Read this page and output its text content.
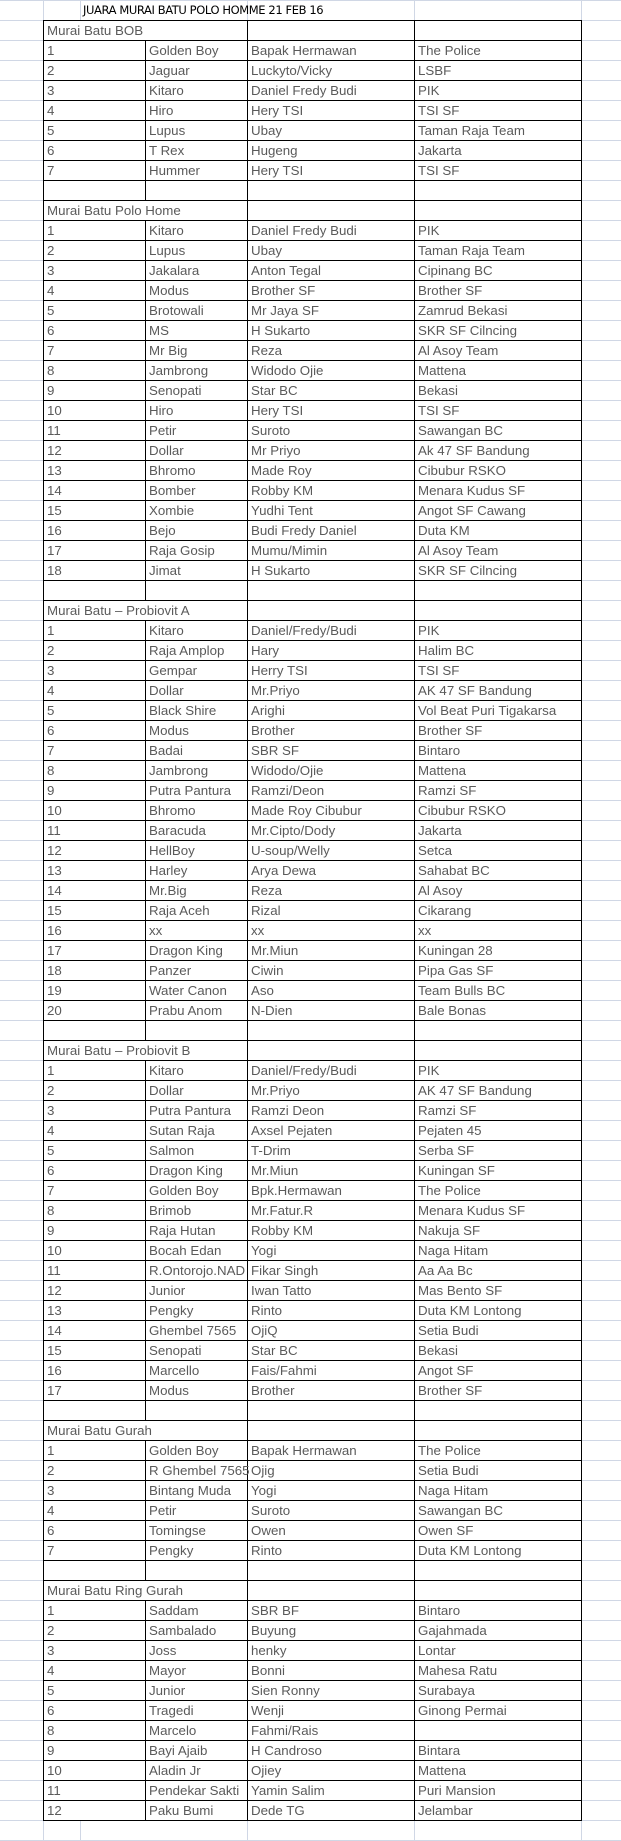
JUARA MURAI BATU POLO HOMME 21 FEB 16
Murai Batu BOB			
1	Golden Boy	Bapak Hermawan	The Police
2	Jaguar	Luckyto/Vicky	LSBF
3	Kitaro	Daniel Fredy Budi	PIK
4	Hiro	Hery TSI	TSI SF
5	Lupus	Ubay	Taman Raja Team
6	T Rex	Hugeng	Jakarta
7	Hummer	Hery TSI	TSI SF

Murai Batu Polo Home			
1	Kitaro	Daniel Fredy Budi	PIK
2	Lupus	Ubay	Taman Raja Team
3	Jakalara	Anton Tegal	Cipinang BC
4	Modus	Brother SF	Brother SF
5	Brotowali	Mr Jaya SF	Zamrud Bekasi
6	MS	H Sukarto	SKR SF Cilncing
7	Mr Big	Reza	Al Asoy Team
8	Jambrong	Widodo Ojie	Mattena
9	Senopati	Star BC	Bekasi
10	Hiro	Hery TSI	TSI SF
11	Petir	Suroto	Sawangan BC
12	Dollar	Mr Priyo	Ak 47 SF Bandung
13	Bhromo	Made Roy	Cibubur RSKO
14	Bomber	Robby KM	Menara Kudus SF
15	Xombie	Yudhi Tent	Angot SF Cawang
16	Bejo	Budi Fredy Daniel	Duta KM
17	Raja Gosip	Mumu/Mimin	Al Asoy Team
18	Jimat	H Sukarto	SKR SF Cilncing

Murai Batu – Probiovit A			
1	Kitaro	Daniel/Fredy/Budi	PIK
2	Raja Amplop	Hary	Halim BC
3	Gempar	Herry TSI	TSI SF
4	Dollar	Mr.Priyo	AK 47 SF Bandung
5	Black Shire	Arighi	Vol Beat Puri Tigakarsa
6	Modus	Brother	Brother SF
7	Badai	SBR SF	Bintaro
8	Jambrong	Widodo/Ojie	Mattena
9	Putra Pantura	Ramzi/Deon	Ramzi SF
10	Bhromo	Made Roy Cibubur	Cibubur RSKO
11	Baracuda	Mr.Cipto/Dody	Jakarta
12	HellBoy	U-soup/Welly	Setca
13	Harley	Arya Dewa	Sahabat BC
14	Mr.Big	Reza	Al Asoy
15	Raja Aceh	Rizal	Cikarang
16	xx	xx	xx
17	Dragon King	Mr.Miun	Kuningan 28
18	Panzer	Ciwin	Pipa Gas SF
19	Water Canon	Aso	Team Bulls BC
20	Prabu Anom	N-Dien	Bale Bonas

Murai Batu – Probiovit B			
1	Kitaro	Daniel/Fredy/Budi	PIK
2	Dollar	Mr.Priyo	AK 47 SF Bandung
3	Putra Pantura	Ramzi Deon	Ramzi SF
4	Sutan Raja	Axsel Pejaten	Pejaten 45
5	Salmon	T-Drim	Serba SF
6	Dragon King	Mr.Miun	Kuningan SF
7	Golden Boy	Bpk.Hermawan	The Police
8	Brimob	Mr.Fatur.R	Menara Kudus SF
9	Raja Hutan	Robby KM	Nakuja SF
10	Bocah Edan	Yogi	Naga Hitam
11	R.Ontorojo.NAD	Fikar Singh	Aa Aa Bc
12	Junior	Iwan Tatto	Mas Bento SF
13	Pengky	Rinto	Duta KM Lontong
14	Ghembel 7565	OjiQ	Setia Budi
15	Senopati	Star BC	Bekasi
16	Marcello	Fais/Fahmi	Angot SF
17	Modus	Brother	Brother SF

Murai Batu Gurah			
1	Golden Boy	Bapak Hermawan	The Police
2	R Ghembel 7565	Ojig	Setia Budi
3	Bintang Muda	Yogi	Naga Hitam
4	Petir	Suroto	Sawangan BC
6	Tomingse	Owen	Owen SF
7	Pengky	Rinto	Duta KM Lontong

Murai Batu Ring Gurah			
1	Saddam	SBR BF	Bintaro
2	Sambalado	Buyung	Gajahmada
3	Joss	henky	Lontar
4	Mayor	Bonni	Mahesa Ratu
5	Junior	Sien Ronny	Surabaya
6	Tragedi	Wenji	Ginong Permai
8	Marcelo	Fahmi/Rais	
9	Bayi Ajaib	H Candroso	Bintara
10	Aladin Jr	Ojiey	Mattena
11	Pendekar Sakti	Yamin Salim	Puri Mansion
12	Paku Bumi	Dede TG	Jelambar
